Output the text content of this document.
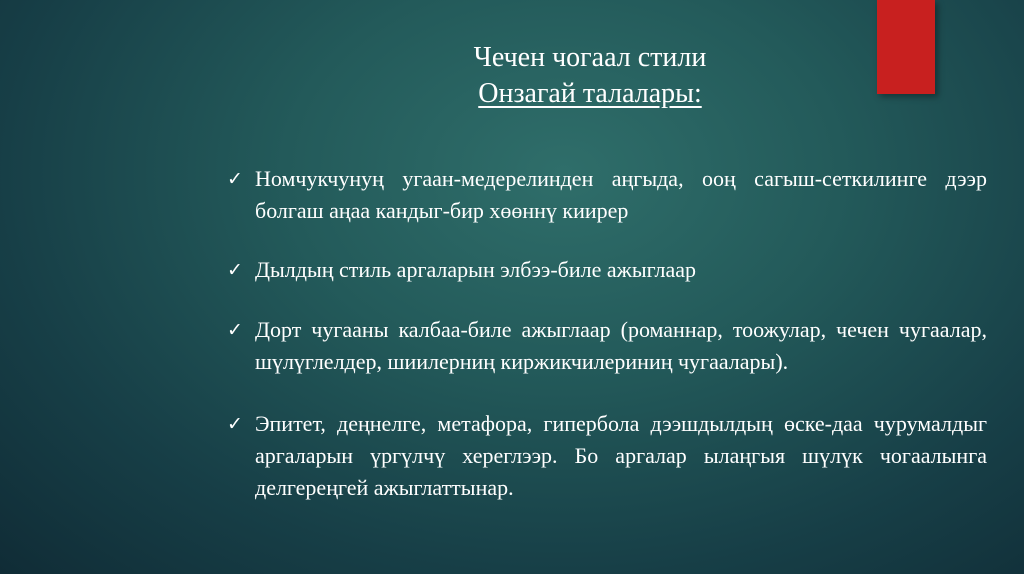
Чечен чогаал стили
Онзагай талалары:
✓ Номчукчунуң угаан-медерелинден аңгыда, ооң сагыш-сеткилинге дээр болгаш аңаа кандыг-бир хөөннү киирер
✓ Дылдың стиль аргаларын элбээ-биле ажыглаар
✓ Дорт чугааны калбаа-биле ажыглаар (романнар, тоожулар, чечен чугаалар, шүлүглелдер, шиилерниң киржикчилериниң чугаалары).
✓ Эпитет, деңнелге, метафора, гипербола дээшдылдың өске-даа чурумалдыг аргаларын үргүлчү хереглээр. Бо аргалар ылаңгыя шүлүк чогаалынга делгереңгей ажыглаттынар.
